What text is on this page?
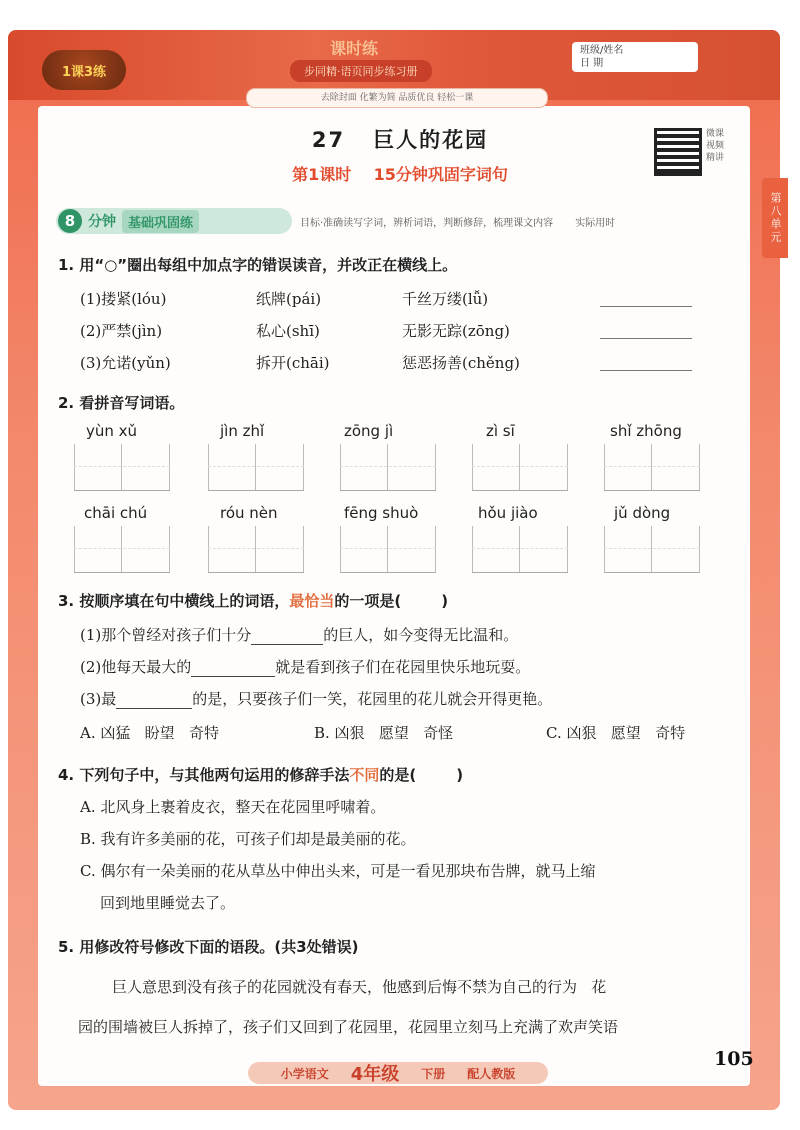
1课3练
课时练
步同精·语页同步练习册
班级/姓名
日 期
第八单元
去除封面 化繁为简 品质优良 轻松一课
27 巨人的花园
第1课时 15分钟巩固字词句
微课视频精讲
8 分钟 基础巩固练	目标·准确读写字词，辨析词语，判断修辞，梳理课文内容 实际用时
1. 用“○”圈出每组中加点字的错误读音，并改正在横线上。
(1)搂紧(lóu)	纸牌(pái)	千丝万缕(lǚ)
(2)严禁(jìn)	私心(shī)	无影无踪(zōng)
(3)允诺(yǔn)	拆开(chāi)	惩恶扬善(chěng)
2. 看拼音写词语。
yùn xǔ	jìn zhǐ	zōng jì	zì sī	shǐ zhōng
chāi chú	róu nèn	fēng shuò	hǒu jiào	jǔ dòng
3. 按顺序填在句中横线上的词语，最恰当的一项是(	)
(1)那个曾经对孩子们十分	的巨人，如今变得无比温和。
(2)他每天最大的	就是看到孩子们在花园里快乐地玩耍。
(3)最	的是，只要孩子们一笑，花园里的花儿就会开得更艳。
A. 凶猛   盼望   奇特	B. 凶狠   愿望   奇怪	C. 凶狠   愿望   奇特
4. 下列句子中，与其他两句运用的修辞手法不同的是(	)
A. 北风身上裹着皮衣，整天在花园里呼啸着。
B. 我有许多美丽的花，可孩子们却是最美丽的花。
C. 偶尔有一朵美丽的花从草丛中伸出头来，可是一看见那块布告牌，就马上缩
回到地里睡觉去了。
5. 用修改符号修改下面的语段。(共3处错误)
巨人意思到没有孩子的花园就没有春天，他感到后悔不禁为自己的行为   花
园的围墙被巨人拆掉了，孩子们又回到了花园里，花园里立刻马上充满了欢声笑语
小学语文 4年级 下册 配人教版
105
